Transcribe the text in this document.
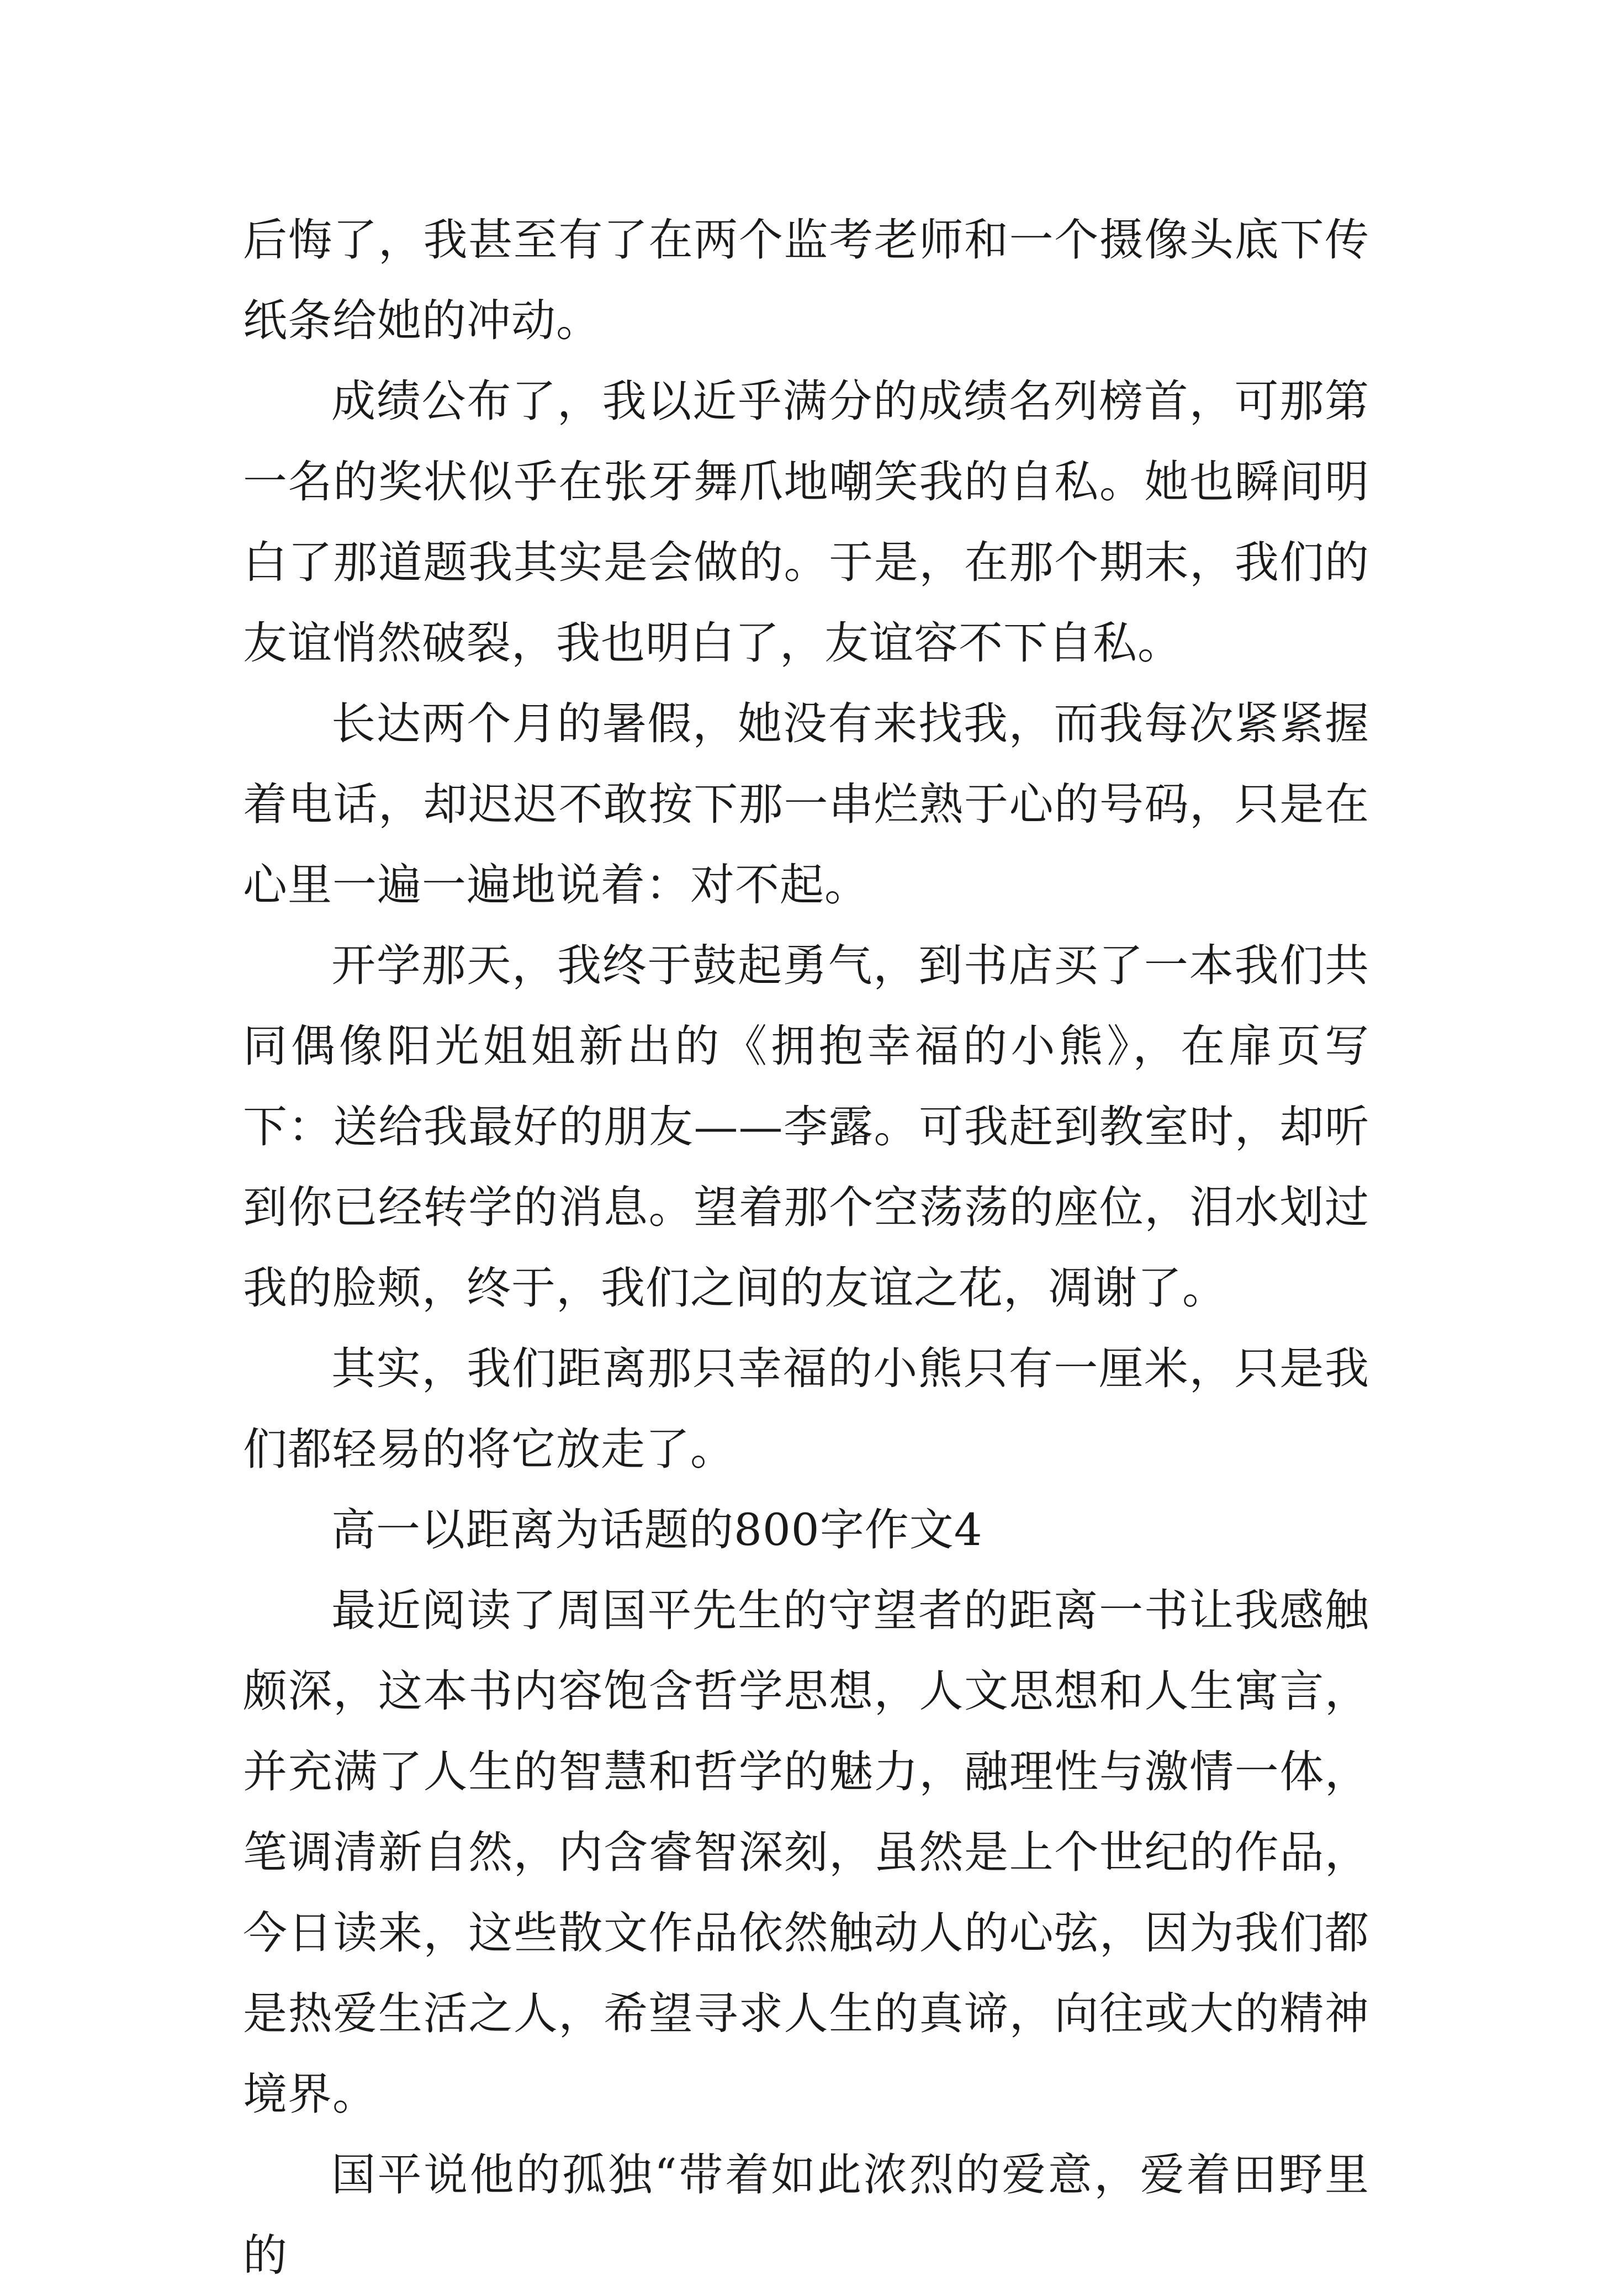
后悔了，我甚至有了在两个监考老师和一个摄像头底下传纸条给她的冲动。

成绩公布了，我以近乎满分的成绩名列榜首，可那第一名的奖状似乎在张牙舞爪地嘲笑我的自私。她也瞬间明白了那道题我其实是会做的。于是，在那个期末，我们的友谊悄然破裂，我也明白了，友谊容不下自私。

长达两个月的暑假，她没有来找我，而我每次紧紧握着电话，却迟迟不敢按下那一串烂熟于心的号码，只是在心里一遍一遍地说着：对不起。

开学那天，我终于鼓起勇气，到书店买了一本我们共同偶像阳光姐姐新出的《拥抱幸福的小熊》，在扉页写下：送给我最好的朋友——李露。可我赶到教室时，却听到你已经转学的消息。望着那个空荡荡的座位，泪水划过我的脸颊，终于，我们之间的友谊之花，凋谢了。

其实，我们距离那只幸福的小熊只有一厘米，只是我们都轻易的将它放走了。

高一以距离为话题的800字作文4

最近阅读了周国平先生的守望者的距离一书让我感触颇深，这本书内容饱含哲学思想，人文思想和人生寓言，并充满了人生的智慧和哲学的魅力，融理性与激情一体，笔调清新自然，内含睿智深刻，虽然是上个世纪的作品，今日读来，这些散文作品依然触动人的心弦，因为我们都是热爱生活之人，希望寻求人生的真谛，向往或大的精神境界。

国平说他的孤独“带着如此浓烈的爱意，爱着田野里的
